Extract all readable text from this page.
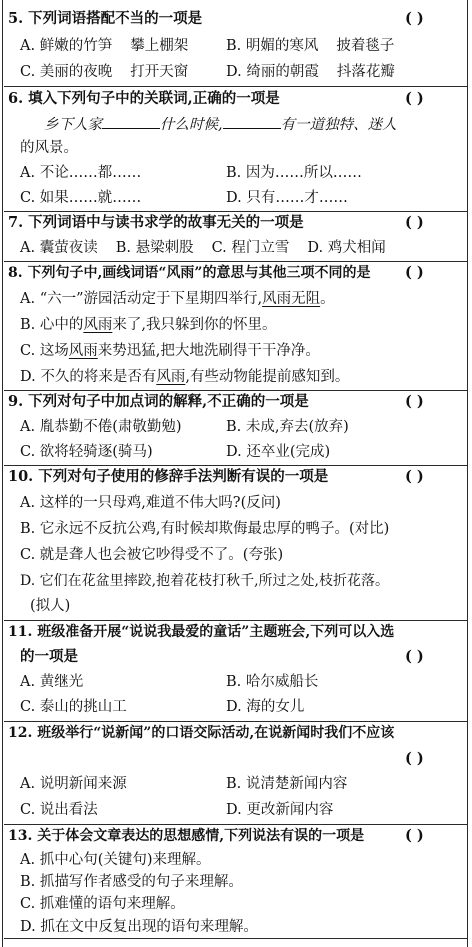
5. 下列词语搭配不当的一项是	( )
A. 鲜嫩的竹笋 攀上棚架	B. 明媚的寒风 披着毯子
C. 美丽的夜晚 打开天窗	D. 绮丽的朝霞 抖落花瓣
6. 填入下列句子中的关联词,正确的一项是	( )
乡下人家	什么时候,	有一道独特、迷人
的风景。
A. 不论……都……	B. 因为……所以……
C. 如果……就……	D. 只有……才……
7. 下列词语中与读书求学的故事无关的一项是	( )
A. 囊萤夜读 B. 悬梁刺股 C. 程门立雪 D. 鸡犬相闻
8. 下列句子中,画线词语“风雨”的意思与其他三项不同的是 ( )
A. “六一”游园活动定于下星期四举行,风雨无阻。
B. 心中的风雨来了,我只躲到你的怀里。
C. 这场风雨来势迅猛,把大地洗刷得干干净净。
D. 不久的将来是否有风雨,有些动物能提前感知到。
9. 下列对句子中加点词的解释,不正确的一项是	( )
A. 胤恭勤不倦(肃敬勤勉)	B. 未成,弃去(放弃)
C. 欲将轻骑逐(骑马)	D. 还卒业(完成)
10. 下列对句子使用的修辞手法判断有误的一项是	( )
A. 这样的一只母鸡,难道不伟大吗?(反问)
B. 它永远不反抗公鸡,有时候却欺侮最忠厚的鸭子。(对比)
C. 就是聋人也会被它吵得受不了。(夸张)
D. 它们在花盆里摔跤,抱着花枝打秋千,所过之处,枝折花落。
(拟人)
11. 班级准备开展“说说我最爱的童话”主题班会,下列可以入选
的一项是	( )
A. 黄继光	B. 哈尔威船长
C. 泰山的挑山工	D. 海的女儿
12. 班级举行“说新闻”的口语交际活动,在说新闻时我们不应该
( )
A. 说明新闻来源	B. 说清楚新闻内容
C. 说出看法	D. 更改新闻内容
13. 关于体会文章表达的思想感情,下列说法有误的一项是	( )
A. 抓中心句(关键句)来理解。
B. 抓描写作者感受的句子来理解。
C. 抓难懂的语句来理解。
D. 抓在文中反复出现的语句来理解。
